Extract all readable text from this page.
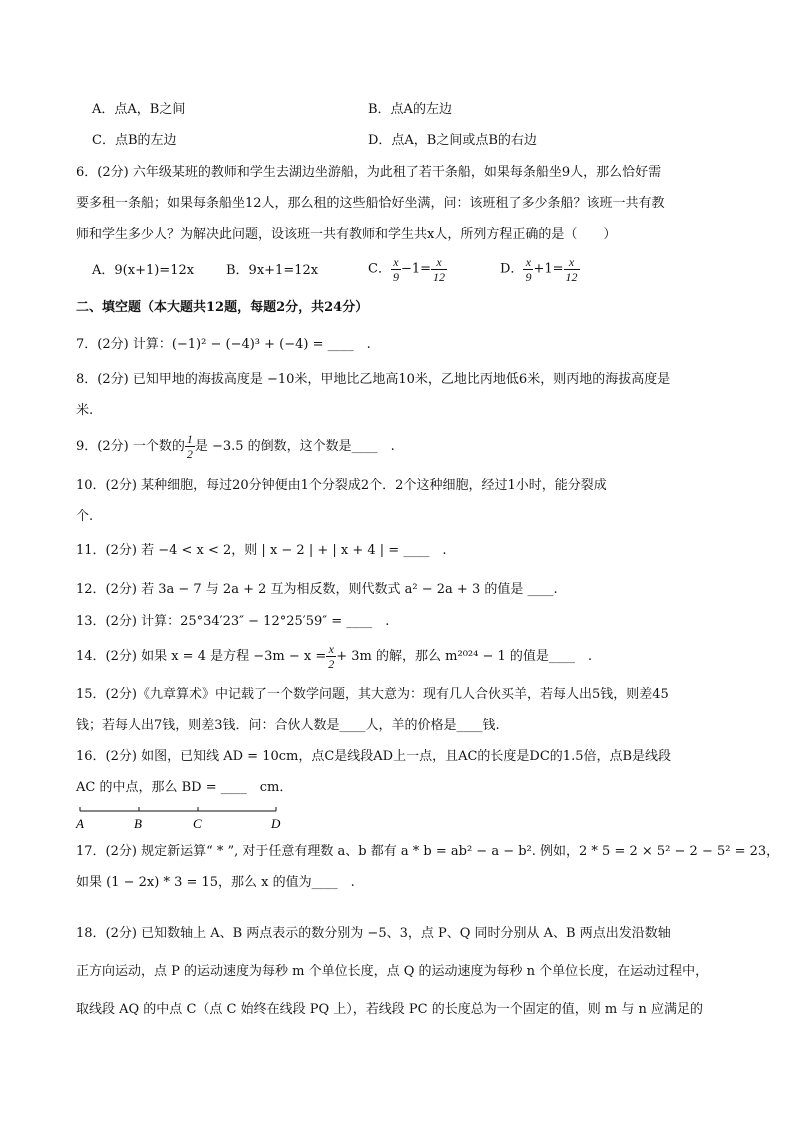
A．点A，B之间	B．点A的左边
C．点B的左边	D．点A，B之间或点B的右边
6．(2分) 六年级某班的教师和学生去湖边坐游船，为此租了若干条船，如果每条船坐9人，那么恰好需
要多租一条船；如果每条船坐12人，那么租的这些船恰好坐满，问：该班租了多少条船？该班一共有教
师和学生多少人？为解决此问题，设该班一共有教师和学生共x人，所列方程正确的是（　　）
A．9(x+1)=12x B．9x+1=12x	C． $\frac{x}{9} -1= \frac{x}{12}$	D． $\frac{x}{9} +1= \frac{x}{12}$
二、填空题（本大题共12题，每题2分，共24分）
7．(2分) 计算：(−1)² − (−4)³ + (−4) = ____　.
8．(2分) 已知甲地的海拔高度是 −10米，甲地比乙地高10米，乙地比丙地低6米，则丙地的海拔高度是
米.
9．(2分) 一个数的 $\frac{1}{2}$ 是 −3.5 的倒数，这个数是____　.
10．(2分) 某种细胞，每过20分钟便由1个分裂成2个．2个这种细胞，经过1小时，能分裂成
个.
11．(2分) 若 −4 < x < 2，则 | x − 2 | + | x + 4 | = ____　.
12．(2分) 若 3a − 7 与 2a + 2 互为相反数，则代数式 a² − 2a + 3 的值是 ____.
13．(2分) 计算：25°34′23″ − 12°25′59″ = ____　.
14．(2分) 如果 x = 4 是方程 $-3m - x = \frac{x}{2} + 3m$ 的解，那么 m²⁰²⁴ − 1 的值是____　.
15．(2分)《九章算术》中记载了一个数学问题，其大意为：现有几人合伙买羊，若每人出5钱，则差45
钱；若每人出7钱，则差3钱．问：合伙人数是____人，羊的价格是____钱.
16．(2分) 如图，已知线 AD = 10cm，点C是线段AD上一点，且AC的长度是DC的1.5倍，点B是线段
AC 的中点，那么 BD = ____　cm．
A	B	C	D
17．(2分) 规定新运算“ * ”, 对于任意有理数 a、b 都有 a * b = ab² − a − b². 例如，2 * 5 = 2 × 5² − 2 − 5² = 23，
如果 (1 − 2x) * 3 = 15，那么 x 的值为____　.
18．(2分) 已知数轴上 A、B 两点表示的数分别为 −5、3，点 P、Q 同时分别从 A、B 两点出发沿数轴
正方向运动，点 P 的运动速度为每秒 m 个单位长度，点 Q 的运动速度为每秒 n 个单位长度，在运动过程中，
取线段 AQ 的中点 C（点 C 始终在线段 PQ 上），若线段 PC 的长度总为一个固定的值，则 m 与 n 应满足的
